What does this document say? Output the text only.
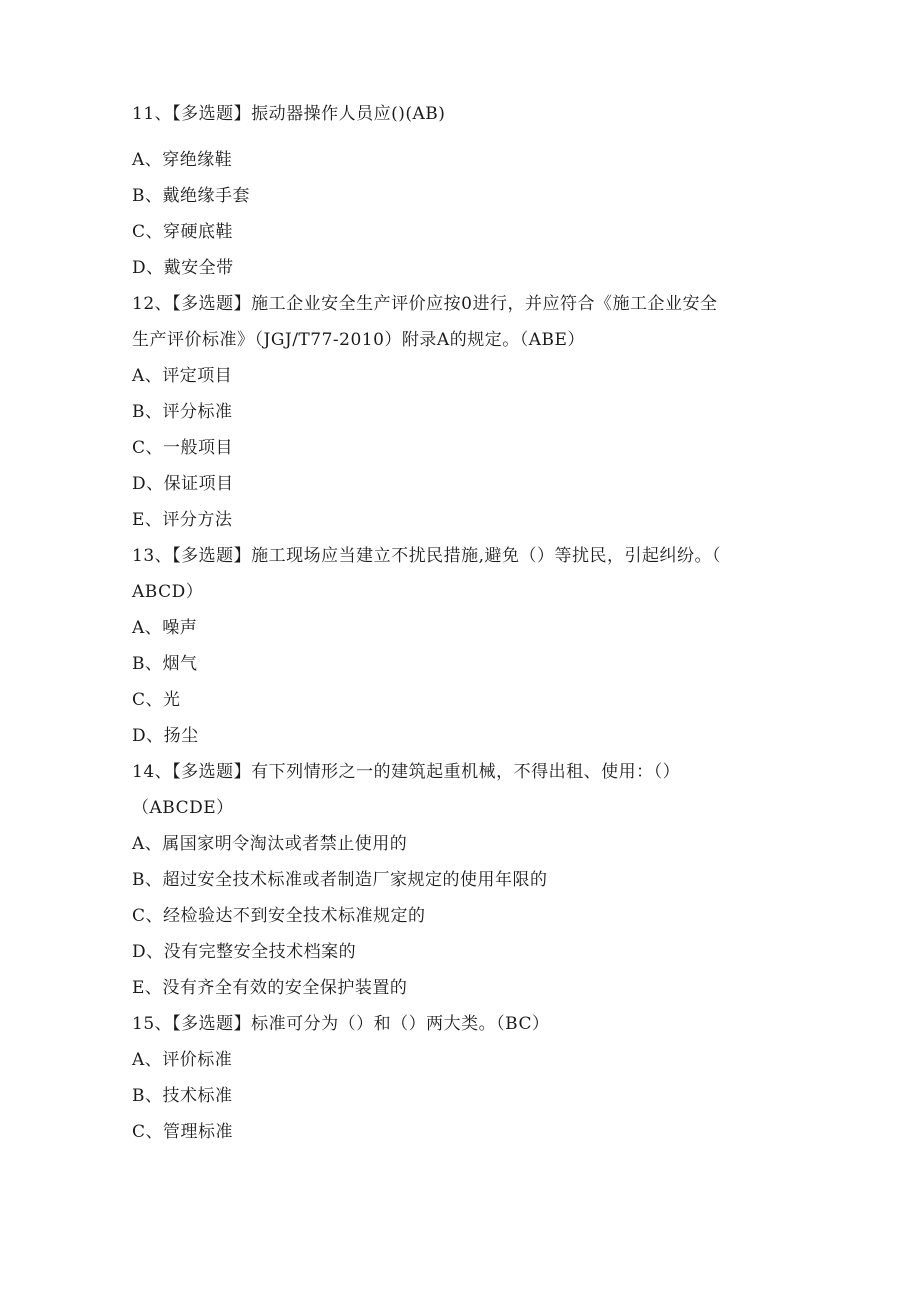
11、【多选题】振动器操作人员应()(AB)
A、穿绝缘鞋
B、戴绝缘手套
C、穿硬底鞋
D、戴安全带
12、【多选题】施工企业安全生产评价应按0进行，并应符合《施工企业安全
生产评价标准》（JGJ/T77-2010）附录A的规定。（ABE）
A、评定项目
B、评分标准
C、一般项目
D、保证项目
E、评分方法
13、【多选题】施工现场应当建立不扰民措施,避免（）等扰民，引起纠纷。（
ABCD）
A、噪声
B、烟气
C、光
D、扬尘
14、【多选题】有下列情形之一的建筑起重机械，不得出租、使用：（）
（ABCDE）
A、属国家明令淘汰或者禁止使用的
B、超过安全技术标准或者制造厂家规定的使用年限的
C、经检验达不到安全技术标准规定的
D、没有完整安全技术档案的
E、没有齐全有效的安全保护装置的
15、【多选题】标准可分为（）和（）两大类。（BC）
A、评价标准
B、技术标准
C、管理标准
